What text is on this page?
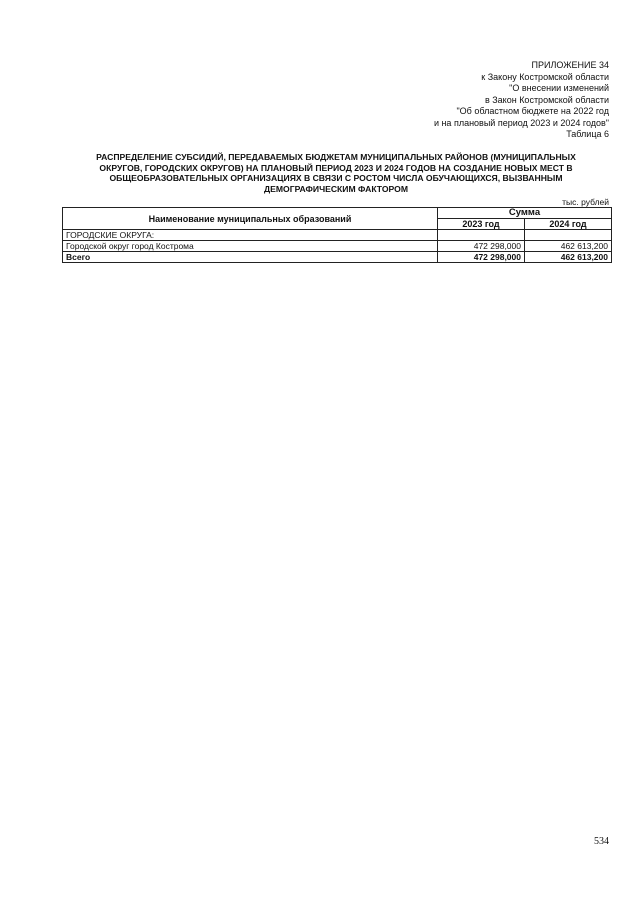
ПРИЛОЖЕНИЕ 34
к Закону Костромской области
"О внесении изменений
в Закон Костромской области
"Об областном бюджете на 2022 год
и на плановый период 2023 и 2024 годов"
Таблица 6
РАСПРЕДЕЛЕНИЕ СУБСИДИЙ, ПЕРЕДАВАЕМЫХ БЮДЖЕТАМ МУНИЦИПАЛЬНЫХ РАЙОНОВ (МУНИЦИПАЛЬНЫХ
ОКРУГОВ, ГОРОДСКИХ ОКРУГОВ) НА ПЛАНОВЫЙ ПЕРИОД 2023 И 2024 ГОДОВ НА СОЗДАНИЕ НОВЫХ МЕСТ В
ОБЩЕОБРАЗОВАТЕЛЬНЫХ ОРГАНИЗАЦИЯХ В СВЯЗИ С РОСТОМ ЧИСЛА ОБУЧАЮЩИХСЯ, ВЫЗВАННЫМ
ДЕМОГРАФИЧЕСКИМ ФАКТОРОМ
тыс. рублей
Наименование муниципальных образований	Сумма	
	2023 год	2024 год
ГОРОДСКИЕ ОКРУГА:		
Городской округ город Кострома	472 298,000	462 613,200
Всего	472 298,000	462 613,200
534
